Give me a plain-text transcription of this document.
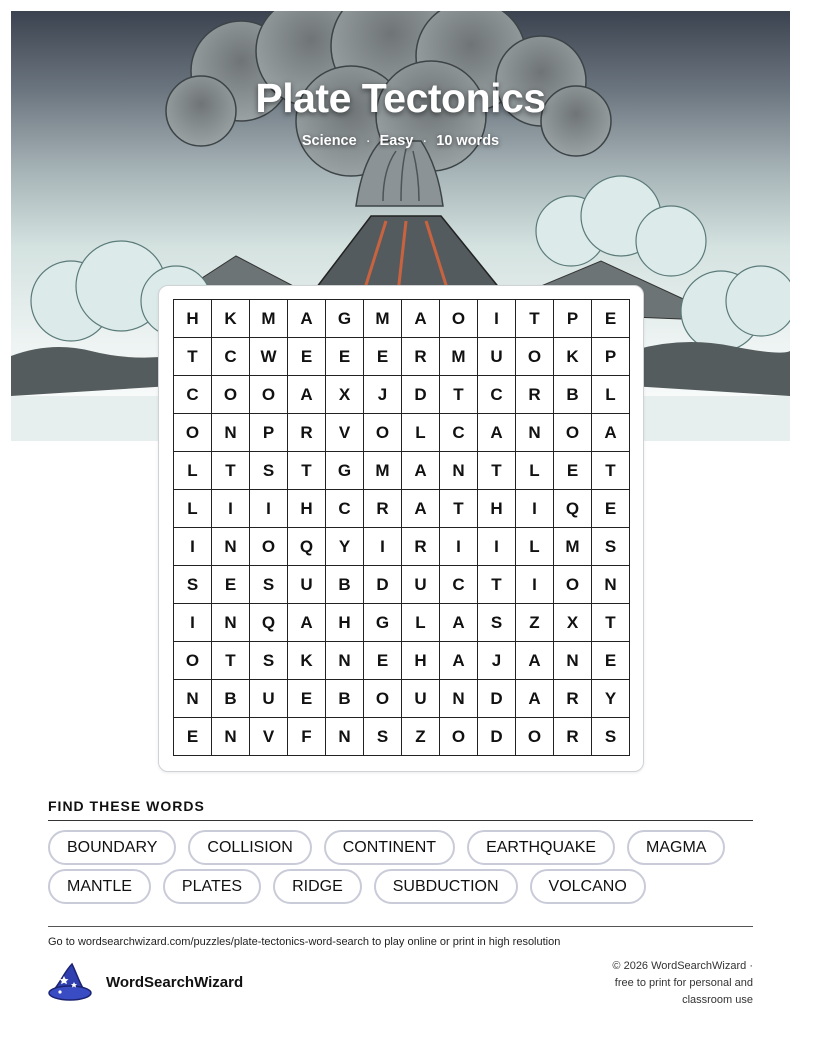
Plate Tectonics
Science · Easy · 10 words
H	K	M	A	G	M	A	O	I	T	P	E
T	C	W	E	E	E	R	M	U	O	K	P
C	O	O	A	X	J	D	T	C	R	B	L
O	N	P	R	V	O	L	C	A	N	O	A
L	T	S	T	G	M	A	N	T	L	E	T
L	I	I	H	C	R	A	T	H	I	Q	E
I	N	O	Q	Y	I	R	I	I	L	M	S
S	E	S	U	B	D	U	C	T	I	O	N
I	N	Q	A	H	G	L	A	S	Z	X	T
O	T	S	K	N	E	H	A	J	A	N	E
N	B	U	E	B	O	U	N	D	A	R	Y
E	N	V	F	N	S	Z	O	D	O	R	S
FIND THESE WORDS
BOUNDARY	COLLISION	CONTINENT	EARTHQUAKE	MAGMA
MANTLE	PLATES	RIDGE	SUBDUCTION	VOLCANO
Go to wordsearchwizard.com/puzzles/plate-tectonics-word-search to play online or print in high resolution
WordSearchWizard
© 2026 WordSearchWizard ·
free to print for personal and
classroom use
